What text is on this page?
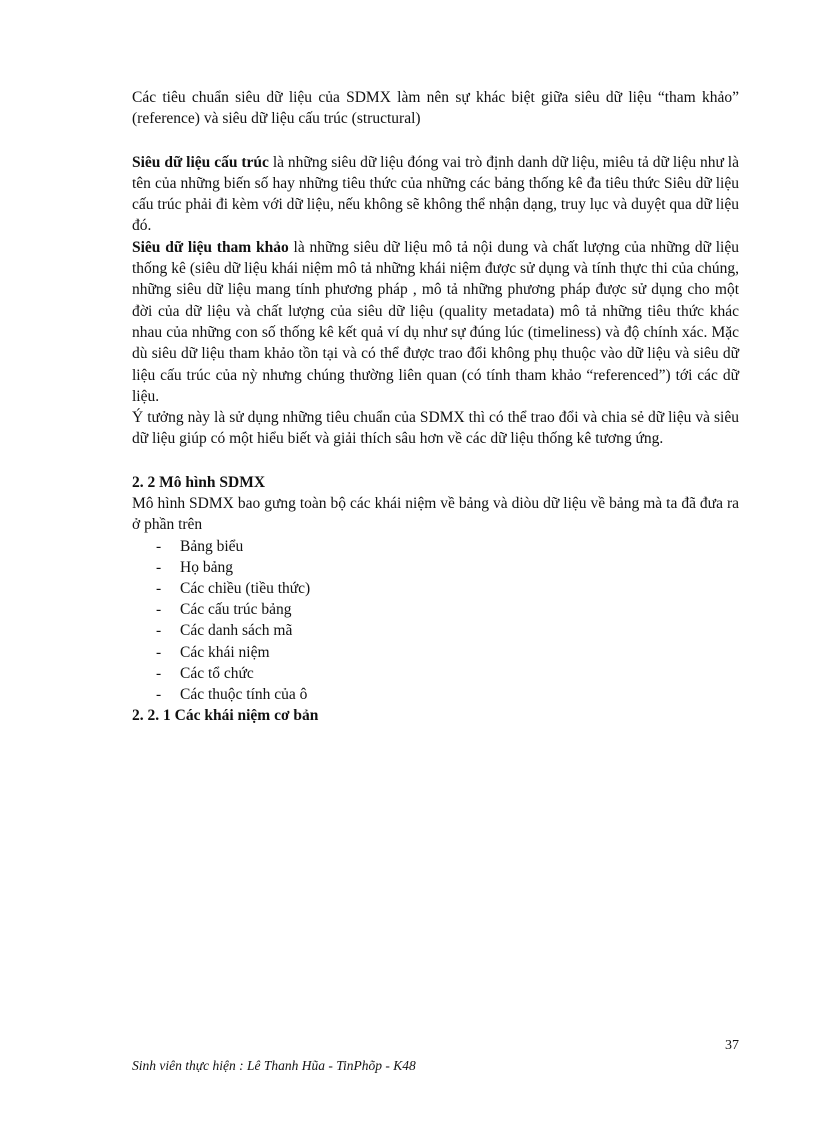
Các tiêu chuẩn siêu dữ liệu của SDMX làm nên sự khác biệt giữa siêu dữ liệu “tham khảo” (reference) và siêu dữ liệu cấu trúc (structural)

Siêu dữ liệu cấu trúc là những siêu dữ liệu đóng vai trò định danh dữ liệu, miêu tả dữ liệu như là tên của những biến số hay những tiêu thức của những các bảng thống kê đa tiêu thức Siêu dữ liệu cấu trúc phải đi kèm với dữ liệu, nếu không sẽ không thể nhận dạng, truy lục và duyệt qua dữ liệu đó.

Siêu dữ liệu tham khảo là những siêu dữ liệu mô tả nội dung và chất lượng của những dữ liệu thống kê (siêu dữ liệu khái niệm mô tả những khái niệm được sử dụng và tính thực thi của chúng, những siêu dữ liệu mang tính phương pháp , mô tả những phương pháp được sử dụng cho một đời của dữ liệu và chất lượng của siêu dữ liệu (quality metadata) mô tả những tiêu thức khác nhau của những con số thống kê kết quả ví dụ như sự đúng lúc (timeliness) và độ chính xác. Mặc dù siêu dữ liệu tham khảo tồn tại và có thể được trao đổi không phụ thuộc vào dữ liệu và siêu dữ liệu cấu trúc của nỳ nhưng chúng thường liên quan (có tính tham khảo “referenced”) tới các dữ liệu.

Ý tưởng này là sử dụng những tiêu chuẩn của SDMX thì có thể trao đổi và chia sẻ dữ liệu và siêu dữ liệu giúp có một hiểu biết và giải thích sâu hơn về các dữ liệu thống kê tương ứng.

2. 2 Mô hình SDMX

Mô hình SDMX bao gưng toàn bộ các khái niệm về bảng và diòu dữ liệu về bảng mà ta đã đưa ra ở phần trên

- Bảng biểu
- Họ bảng
- Các chiều (tiều thức)
- Các cấu trúc bảng
- Các danh sách mã
- Các khái niệm
- Các tổ chức
- Các thuộc tính của ô
2. 2. 1 Các khái niệm cơ bản
37
Sinh viên thực hiện : Lê Thanh Hũa - TinPhõp - K48
